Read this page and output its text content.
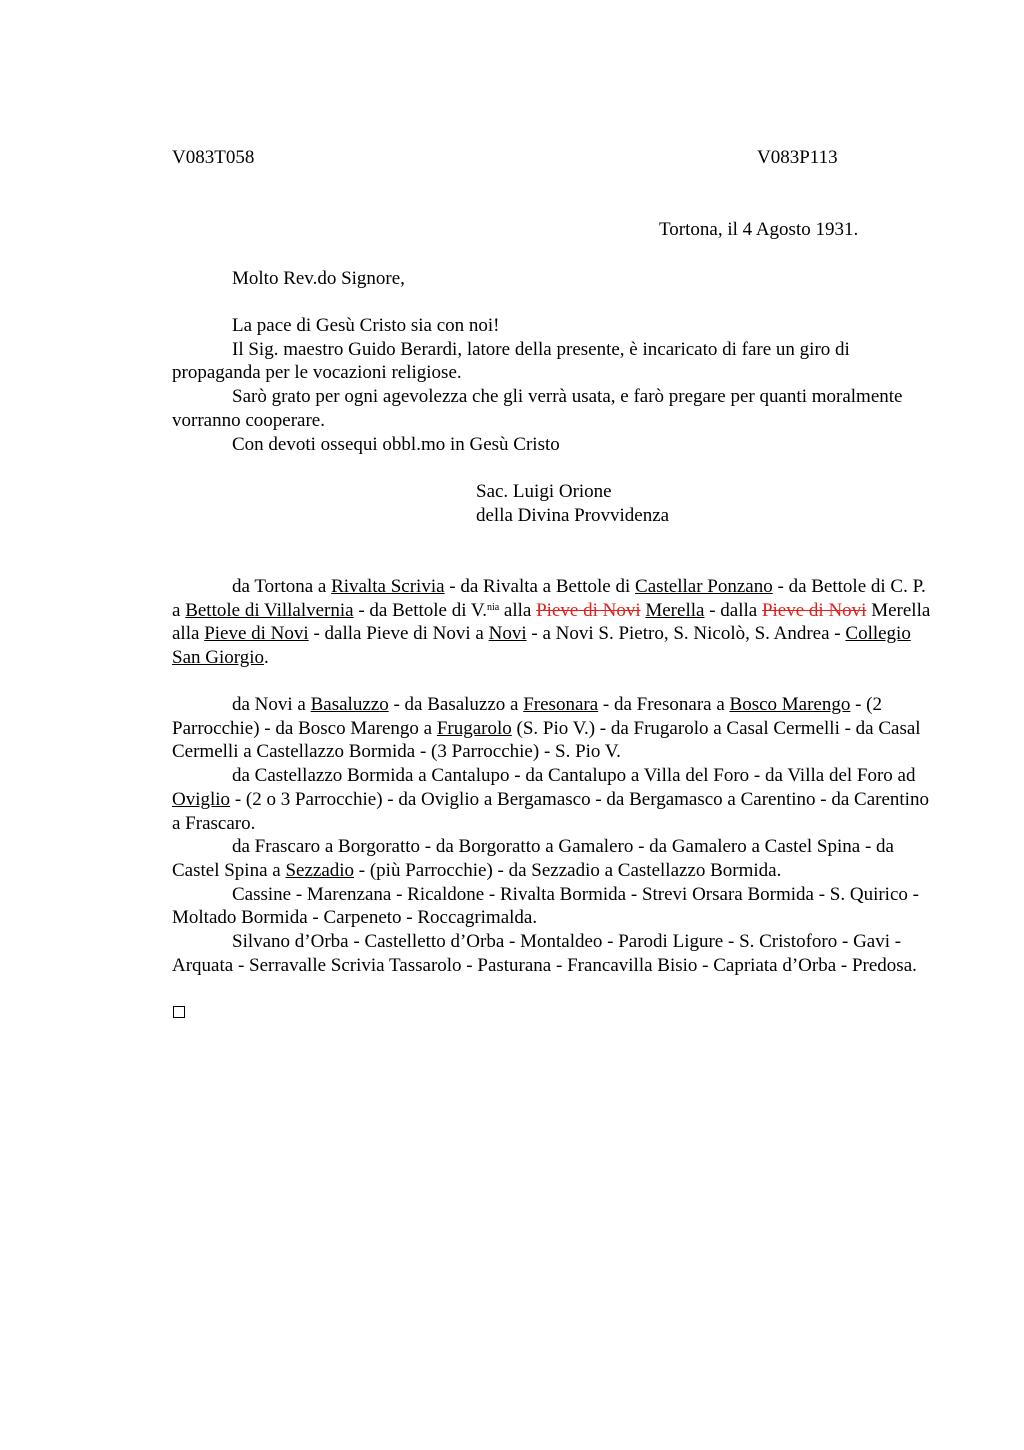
V083T058	V083P113
Tortona, il 4 Agosto 1931.
Molto Rev.do Signore,

La pace di Gesù Cristo sia con noi!

Il Sig. maestro Guido Berardi, latore della presente, è incaricato di fare un giro di propaganda per le vocazioni religiose.

Sarò grato per ogni agevolezza che gli verrà usata, e farò pregare per quanti moralmente vorranno cooperare.

Con devoti ossequi obbl.mo in Gesù Cristo

Sac. Luigi Orione
della Divina Provvidenza

da Tortona a Rivalta Scrivia - da Rivalta a Bettole di Castellar Ponzano - da Bettole di C. P. a Bettole di Villalvernia - da Bettole di V.$^{nia}$ alla Pieve di Novi Merella - dalla Pieve di Novi Merella alla Pieve di Novi - dalla Pieve di Novi a Novi - a Novi S. Pietro, S. Nicolò, S. Andrea - Collegio San Giorgio.

da Novi a Basaluzzo - da Basaluzzo a Fresonara - da Fresonara a Bosco Marengo - (2 Parrocchie) - da Bosco Marengo a Frugarolo (S. Pio V.) - da Frugarolo a Casal Cermelli - da Casal Cermelli a Castellazzo Bormida - (3 Parrocchie) - S. Pio V.

da Castellazzo Bormida a Cantalupo - da Cantalupo a Villa del Foro - da Villa del Foro ad Oviglio - (2 o 3 Parrocchie) - da Oviglio a Bergamasco - da Bergamasco a Carentino - da Carentino a Frascaro.

da Frascaro a Borgoratto - da Borgoratto a Gamalero - da Gamalero a Castel Spina - da Castel Spina a Sezzadio - (più Parrocchie) - da Sezzadio a Castellazzo Bormida.

Cassine - Marenzana - Ricaldone - Rivalta Bormida - Strevi Orsara Bormida - S. Quirico - Moltado Bormida - Carpeneto - Roccagrimalda.

Silvano d’Orba - Castelletto d’Orba - Montaldeo - Parodi Ligure - S. Cristoforo - Gavi - Arquata - Serravalle Scrivia Tassarolo - Pasturana - Francavilla Bisio - Capriata d’Orba - Predosa.
